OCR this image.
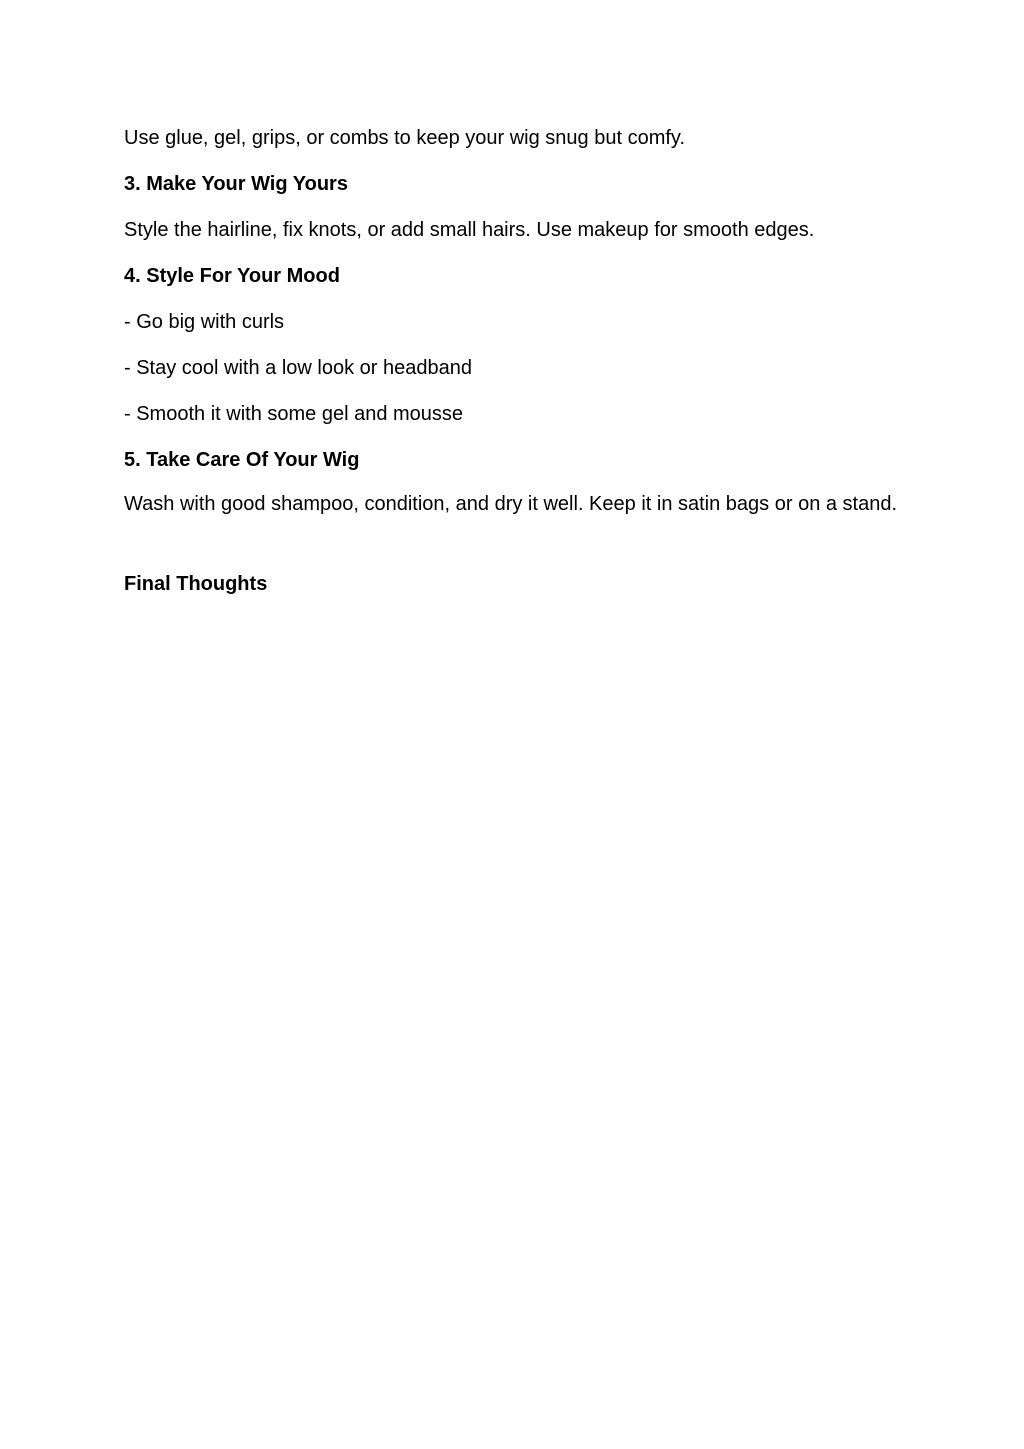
Use glue, gel, grips, or combs to keep your wig snug but comfy.

3. Make Your Wig Yours

Style the hairline, fix knots, or add small hairs. Use makeup for smooth edges.

4. Style For Your Mood

- Go big with curls

- Stay cool with a low look or headband

- Smooth it with some gel and mousse

5. Take Care Of Your Wig

Wash with good shampoo, condition, and dry it well. Keep it in satin bags or on a stand.

Final Thoughts
